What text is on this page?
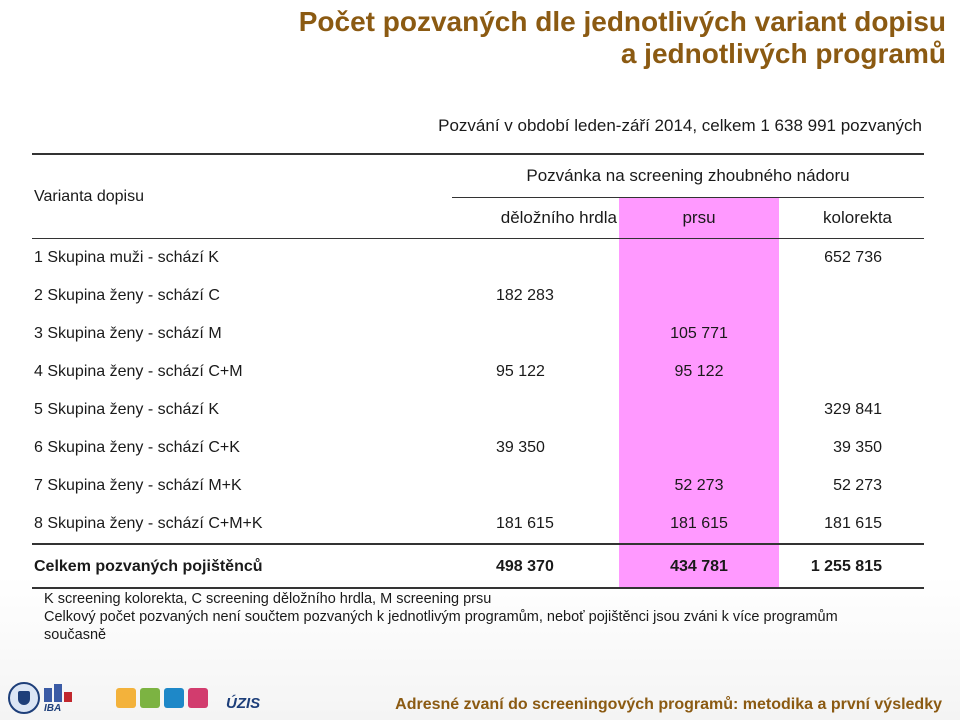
Počet pozvaných dle jednotlivých variant dopisu
a jednotlivých programů
Pozvání v období leden-září 2014, celkem 1 638 991 pozvaných
Varianta dopisu	Pozvánka na screening zhoubného nádoru		
	děložního hrdla	prsu	kolorekta
1 Skupina muži - schází K			652 736
2 Skupina ženy - schází C	182 283		
3 Skupina ženy - schází M		105 771	
4 Skupina ženy - schází C+M	95 122	95 122	
5 Skupina ženy - schází K			329 841
6 Skupina ženy - schází C+K	39 350		39 350
7 Skupina ženy - schází M+K		52 273	52 273
8 Skupina ženy - schází C+M+K	181 615	181 615	181 615
Celkem pozvaných pojištěnců	498 370	434 781	1 255 815

K screening kolorekta, C screening děložního hrdla, M screening prsu

Celkový počet pozvaných není součtem pozvaných k jednotlivým programům, neboť pojištěnci jsou zváni k více programům současně

IBA	ÚZIS	Adresné zvaní do screeningových programů: metodika a první výsledky
